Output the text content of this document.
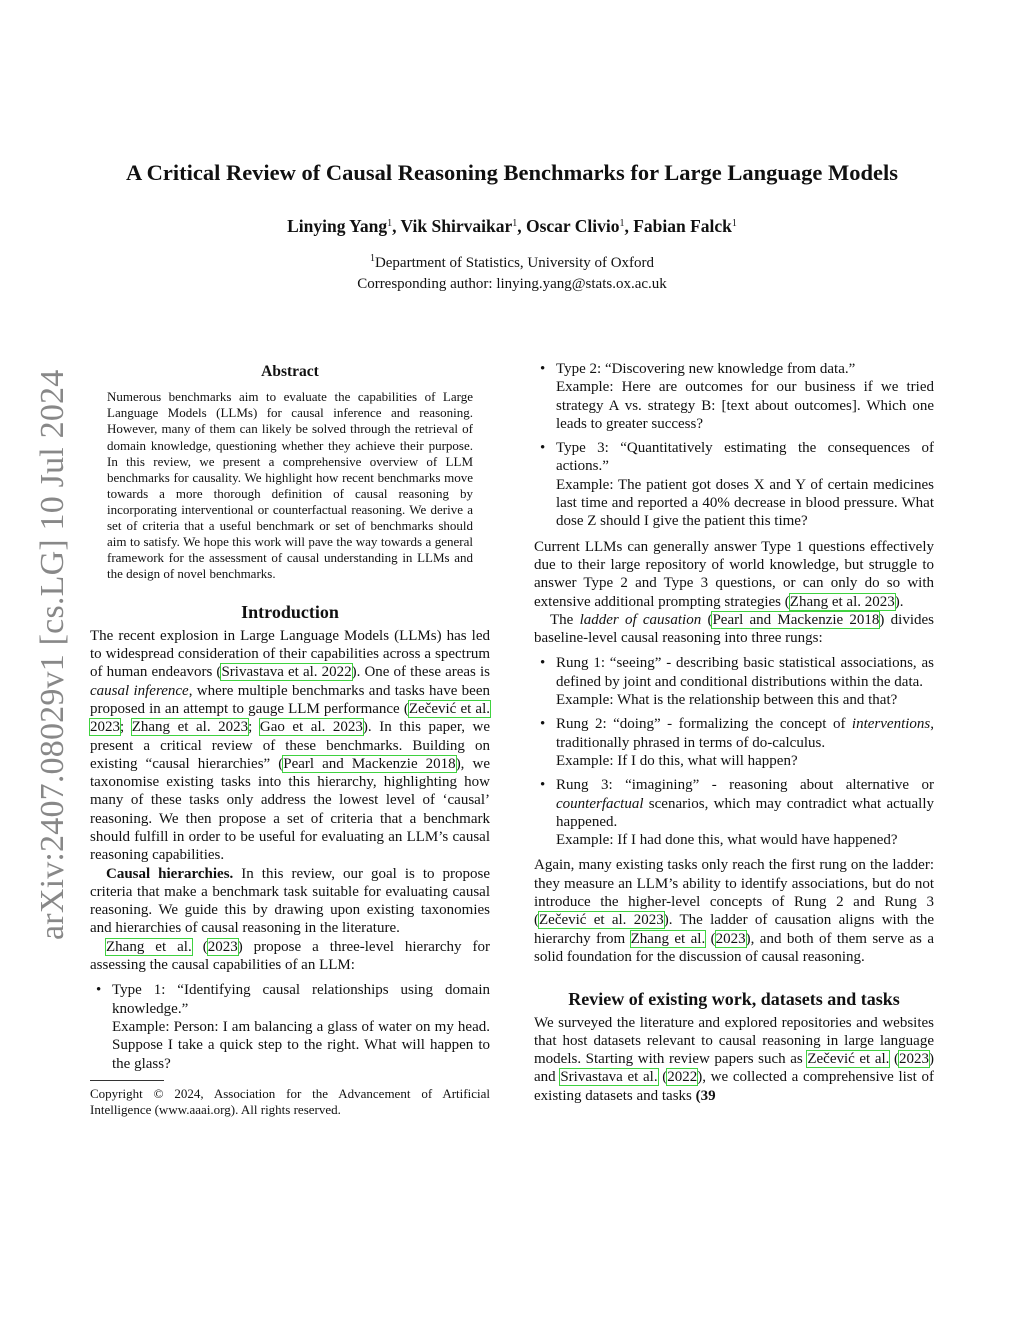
arXiv:2407.08029v1 [cs.LG] 10 Jul 2024
A Critical Review of Causal Reasoning Benchmarks for Large Language Models
Linying Yang$^1$, Vik Shirvaikar$^1$, Oscar Clivio$^1$, Fabian Falck$^1$
$^1$Department of Statistics, University of Oxford
Corresponding author: linying.yang@stats.ox.ac.uk
Abstract

Numerous benchmarks aim to evaluate the capabilities of Large Language Models (LLMs) for causal inference and reasoning. However, many of them can likely be solved through the retrieval of domain knowledge, questioning whether they achieve their purpose. In this review, we present a comprehensive overview of LLM benchmarks for causality. We highlight how recent benchmarks move towards a more thorough definition of causal reasoning by incorporating interventional or counterfactual reasoning. We derive a set of criteria that a useful benchmark or set of benchmarks should aim to satisfy. We hope this work will pave the way towards a general framework for the assessment of causal understanding in LLMs and the design of novel benchmarks.

Introduction

The recent explosion in Large Language Models (LLMs) has led to widespread consideration of their capabilities across a spectrum of human endeavors (Srivastava et al. 2022). One of these areas is causal inference, where multiple benchmarks and tasks have been proposed in an attempt to gauge LLM performance (Zečević et al. 2023; Zhang et al. 2023; Gao et al. 2023). In this paper, we present a critical review of these benchmarks. Building on existing “causal hierarchies” (Pearl and Mackenzie 2018), we taxonomise existing tasks into this hierarchy, highlighting how many of these tasks only address the lowest level of ‘causal’ reasoning. We then propose a set of criteria that a benchmark should fulfill in order to be useful for evaluating an LLM’s causal reasoning capabilities.

Causal hierarchies. In this review, our goal is to propose criteria that make a benchmark task suitable for evaluating causal reasoning. We guide this by drawing upon existing taxonomies and hierarchies of causal reasoning in the literature.

Zhang et al. (2023) propose a three-level hierarchy for assessing the causal capabilities of an LLM:

• Type 1: “Identifying causal relationships using domain knowledge.”
Example: Person: I am balancing a glass of water on my head. Suppose I take a quick step to the right. What will happen to the glass?
Copyright © 2024, Association for the Advancement of Artificial Intelligence (www.aaai.org). All rights reserved.
• Type 2: “Discovering new knowledge from data.”
Example: Here are outcomes for our business if we tried strategy A vs. strategy B: [text about outcomes]. Which one leads to greater success?
• Type 3: “Quantitatively estimating the consequences of actions.”
Example: The patient got doses X and Y of certain medicines last time and reported a 40% decrease in blood pressure. What dose Z should I give the patient this time?

Current LLMs can generally answer Type 1 questions effectively due to their large repository of world knowledge, but struggle to answer Type 2 and Type 3 questions, or can only do so with extensive additional prompting strategies (Zhang et al. 2023).

The ladder of causation (Pearl and Mackenzie 2018) divides baseline-level causal reasoning into three rungs:

• Rung 1: “seeing” - describing basic statistical associations, as defined by joint and conditional distributions within the data.
Example: What is the relationship between this and that?
• Rung 2: “doing” - formalizing the concept of interventions, traditionally phrased in terms of do-calculus.
Example: If I do this, what will happen?
• Rung 3: “imagining” - reasoning about alternative or counterfactual scenarios, which may contradict what actually happened.
Example: If I had done this, what would have happened?

Again, many existing tasks only reach the first rung on the ladder: they measure an LLM’s ability to identify associations, but do not introduce the higher-level concepts of Rung 2 and Rung 3 (Zečević et al. 2023). The ladder of causation aligns with the hierarchy from Zhang et al. (2023), and both of them serve as a solid foundation for the discussion of causal reasoning.

Review of existing work, datasets and tasks

We surveyed the literature and explored repositories and websites that host datasets relevant to causal reasoning in large language models. Starting with review papers such as Zečević et al. (2023) and Srivastava et al. (2022), we collected a comprehensive list of existing datasets and tasks (39
